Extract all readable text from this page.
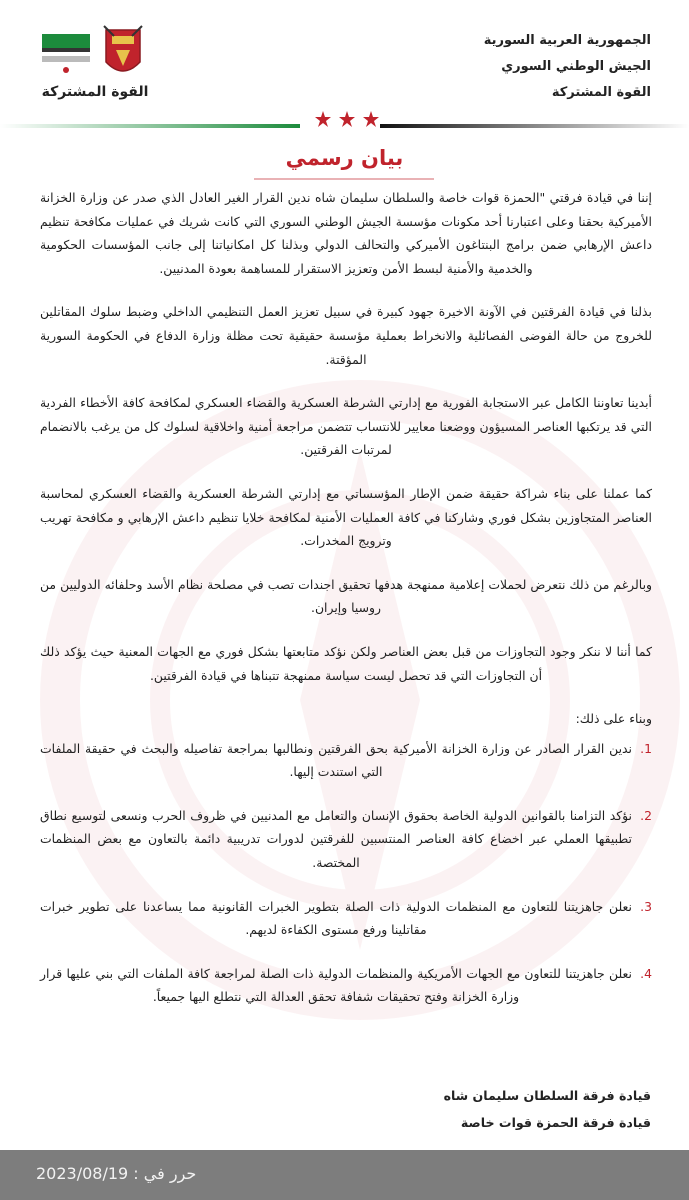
الجمهورية العربية السورية
الجيش الوطني السوري
القوة المشتركة
القوة المشتركة
بيان رسمي

إننا في قيادة فرقتي "الحمزة قوات خاصة والسلطان سليمان شاه ندين القرار الغير العادل الذي صدر عن وزارة الخزانة الأميركية بحقنا وعلى اعتبارنا أحد مكونات مؤسسة الجيش الوطني السوري التي كانت شريك في عمليات مكافحة تنظيم داعش الإرهابي ضمن برامج البنتاغون الأميركي والتحالف الدولي وبذلنا كل امكانياتنا إلى جانب المؤسسات الحكومية والخدمية والأمنية لبسط الأمن وتعزيز الاستقرار للمساهمة بعودة المدنيين.

بذلنا في قيادة الفرقتين في الآونة الاخيرة جهود كبيرة في سبيل تعزيز العمل التنظيمي الداخلي وضبط سلوك المقاتلين للخروج من حالة الفوضى الفصائلية والانخراط بعملية مؤسسة حقيقية تحت مظلة وزارة الدفاع في الحكومة السورية المؤقتة.

أبدينا تعاوننا الكامل عبر الاستجابة الفورية مع إدارتي الشرطة العسكرية والقضاء العسكري لمكافحة كافة الأخطاء الفردية التي قد يرتكبها العناصر المسيؤون ووضعنا معايير للانتساب تتضمن مراجعة أمنية واخلاقية لسلوك كل من يرغب بالانضمام لمرتبات الفرقتين.

كما عملنا على بناء شراكة حقيقة ضمن الإطار المؤسساتي مع إدارتي الشرطة العسكرية والقضاء العسكري لمحاسبة العناصر المتجاوزين بشكل فوري وشاركنا في كافة العمليات الأمنية لمكافحة خلايا تنظيم داعش الإرهابي و مكافحة تهريب وترويج المخدرات.

وبالرغم من ذلك نتعرض لحملات إعلامية ممنهجة هدفها تحقيق اجندات تصب في مصلحة نظام الأسد وحلفائه الدوليين من روسيا وإيران.

كما أننا لا ننكر وجود التجاوزات من قبل بعض العناصر ولكن نؤكد متابعتها بشكل فوري مع الجهات المعنية حيث يؤكد ذلك أن التجاوزات التي قد تحصل ليست سياسة ممنهجة تتبناها في قيادة الفرقتين.

وبناء على ذلك:
1.
ندين القرار الصادر عن وزارة الخزانة الأميركية بحق الفرقتين ونطالبها بمراجعة تفاصيله والبحث في حقيقة الملفات التي استندت إليها.
2.
نؤكد التزامنا بالقوانين الدولية الخاصة بحقوق الإنسان والتعامل مع المدنيين في ظروف الحرب ونسعى لتوسيع نطاق تطبيقها العملي عبر اخضاع كافة العناصر المنتسبين للفرقتين لدورات تدريبية دائمة بالتعاون مع بعض المنظمات المختصة.
3.
نعلن جاهزيتنا للتعاون مع المنظمات الدولية ذات الصلة بتطوير الخبرات القانونية مما يساعدنا على تطوير خبرات مقاتلينا ورفع مستوى الكفاءة لديهم.
4.
نعلن جاهزيتنا للتعاون مع الجهات الأمريكية والمنظمات الدولية ذات الصلة لمراجعة كافة الملفات التي بني عليها قرار وزارة الخزانة وفتح تحقيقات شفافة تحقق العدالة التي نتطلع اليها جميعاً.
قيادة فرقة السلطان سليمان شاه
قيادة فرقة الحمزة قوات خاصة
2023/08/19 : حرر في
